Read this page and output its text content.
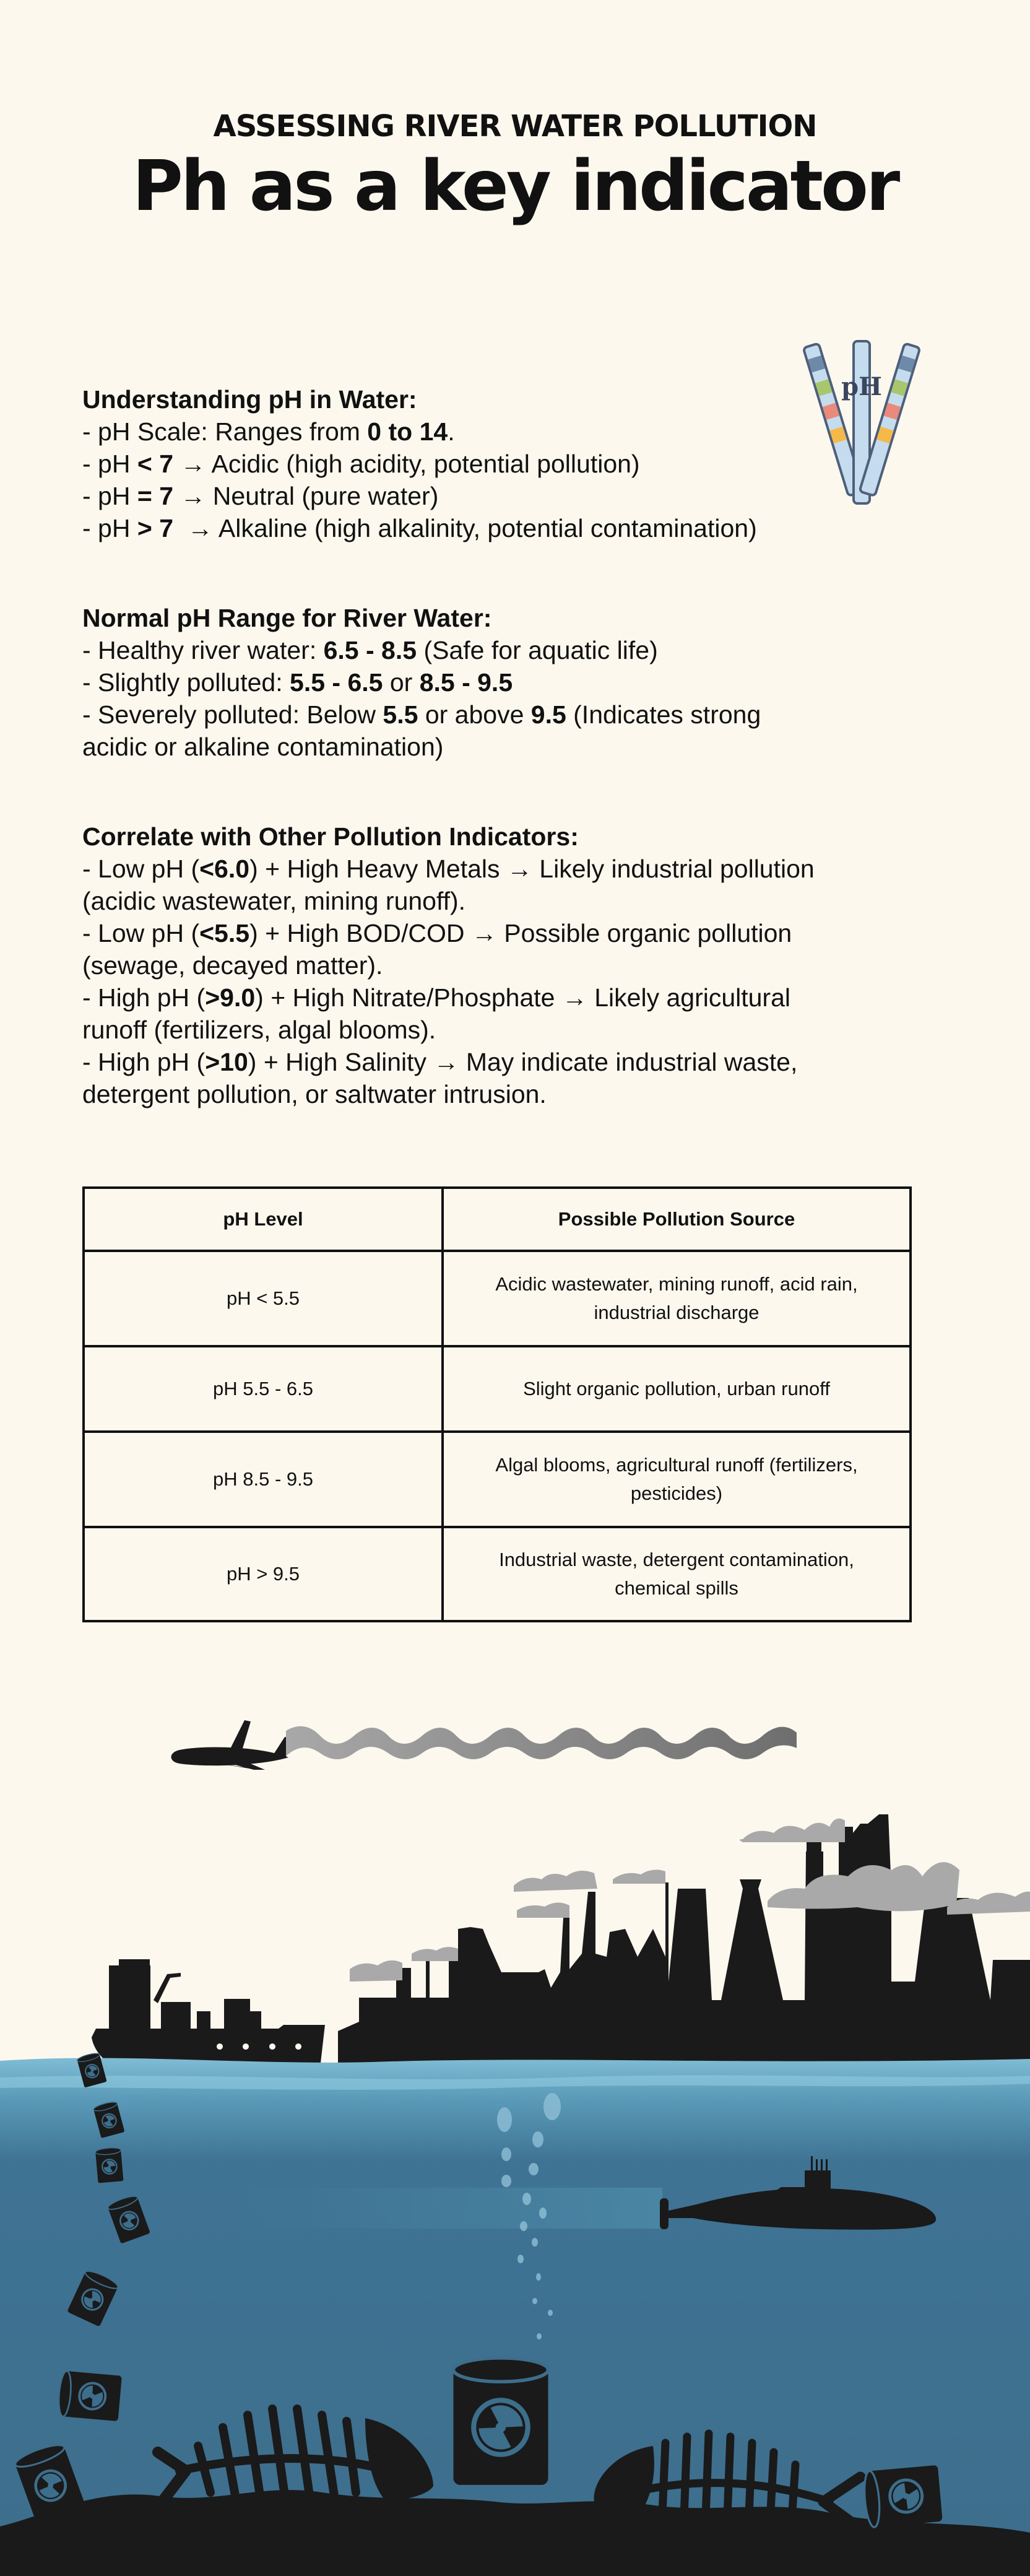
ASSESSING RIVER WATER POLLUTION
Ph as a key indicator
pH
Understanding pH in Water:
- pH Scale: Ranges from 0 to 14.
- pH < 7 → Acidic (high acidity, potential pollution)
- pH = 7 → Neutral (pure water)
- pH > 7  → Alkaline (high alkalinity, potential contamination)
Normal pH Range for River Water:
- Healthy river water: 6.5 - 8.5 (Safe for aquatic life)
- Slightly polluted: 5.5 - 6.5 or 8.5 - 9.5
- Severely polluted: Below 5.5 or above 9.5 (Indicates strong
acidic or alkaline contamination)
Correlate with Other Pollution Indicators:
- Low pH (<6.0) + High Heavy Metals → Likely industrial pollution
(acidic wastewater, mining runoff).
- Low pH (<5.5) + High BOD/COD → Possible organic pollution
(sewage, decayed matter).
- High pH (>9.0) + High Nitrate/Phosphate → Likely agricultural
runoff (fertilizers, algal blooms).
- High pH (>10) + High Salinity → May indicate industrial waste,
detergent pollution, or saltwater intrusion.
pH Level	Possible Pollution Source
pH < 5.5	Acidic wastewater, mining runoff, acid rain, industrial discharge
pH 5.5 - 6.5	Slight organic pollution, urban runoff
pH 8.5 - 9.5	Algal blooms, agricultural runoff (fertilizers, pesticides)
pH > 9.5	Industrial waste, detergent contamination, chemical spills
